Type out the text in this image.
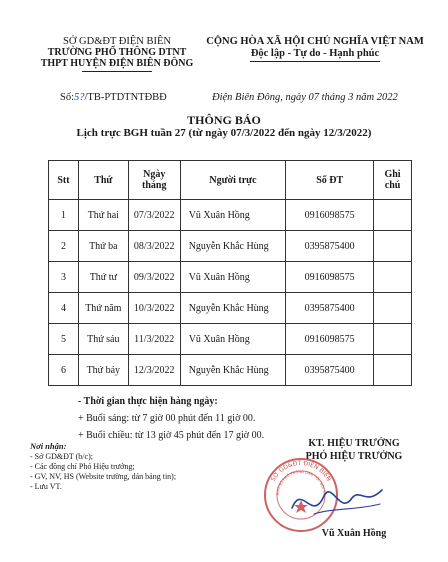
SỞ GD&ĐT ĐIỆN BIÊN
TRƯỜNG PHỔ THÔNG DTNT
THPT HUYỆN ĐIỆN BIÊN ĐÔNG
CỘNG HÒA XÃ HỘI CHỦ NGHĨA VIỆT NAM
Độc lập - Tự do - Hạnh phúc
Số:5?/TB-PTDTNTĐBĐ	Điện Biên Đông, ngày 07 tháng 3 năm 2022
THÔNG BÁO
Lịch trực BGH tuần 27 (từ ngày 07/3/2022 đến ngày 12/3/2022)
Stt	Thứ	Ngày tháng	Người trực	Số ĐT	Ghi chú
1	Thứ hai	07/3/2022	Vũ Xuân Hồng	0916098575	
2	Thứ ba	08/3/2022	Nguyễn Khắc Hùng	0395875400	
3	Thứ tư	09/3/2022	Vũ Xuân Hồng	0916098575	
4	Thứ năm	10/3/2022	Nguyễn Khắc Hùng	0395875400	
5	Thứ sáu	11/3/2022	Vũ Xuân Hồng	0916098575	
6	Thứ bảy	12/3/2022	Nguyễn Khắc Hùng	0395875400	
- Thời gian thực hiện hàng ngày:
+ Buổi sáng: từ 7 giờ 00 phút đến 11 giờ 00.
+ Buổi chiều: từ 13 giờ 45 phút đến 17 giờ 00.
Nơi nhận:
- Sở GD&ĐT (b/c);
- Các đồng chí Phó Hiệu trưởng;
- GV, NV, HS (Website trường, dán bảng tin);
- Lưu VT.
KT. HIỆU TRƯỞNG
PHÓ HIỆU TRƯỞNG
SỞ GD&ĐT ĐIỆN BIÊN
RƯỜNG PHỔ THÔNG DÂN TỘC NỘI TR
Vũ Xuân Hồng
